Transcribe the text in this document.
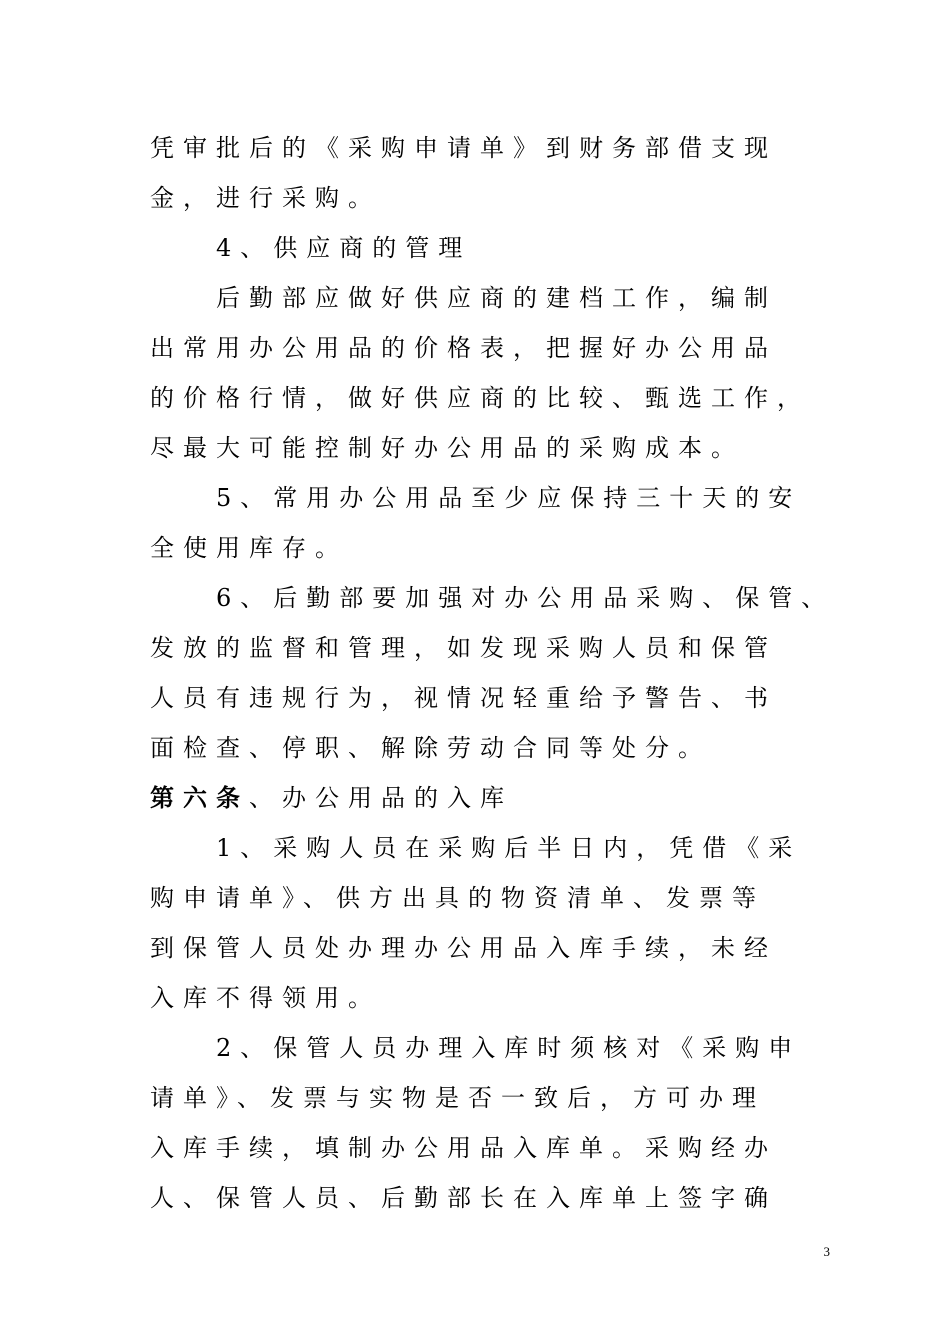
凭审批后的《采购申请单》到财务部借支现
金，进行采购。
4、供应商的管理
后勤部应做好供应商的建档工作，编制
出常用办公用品的价格表，把握好办公用品
的价格行情，做好供应商的比较、甄选工作，
尽最大可能控制好办公用品的采购成本。
5、常用办公用品至少应保持三十天的安
全使用库存。
6、后勤部要加强对办公用品采购、保管、
发放的监督和管理，如发现采购人员和保管
人员有违规行为，视情况轻重给予警告、书
面检查、停职、解除劳动合同等处分。
第六条、办公用品的入库
1、采购人员在采购后半日内，凭借《采
购申请单》、供方出具的物资清单、发票等
到保管人员处办理办公用品入库手续，未经
入库不得领用。
2、保管人员办理入库时须核对《采购申
请单》、发票与实物是否一致后，方可办理
入库手续，填制办公用品入库单。采购经办
人、保管人员、后勤部长在入库单上签字确
3
